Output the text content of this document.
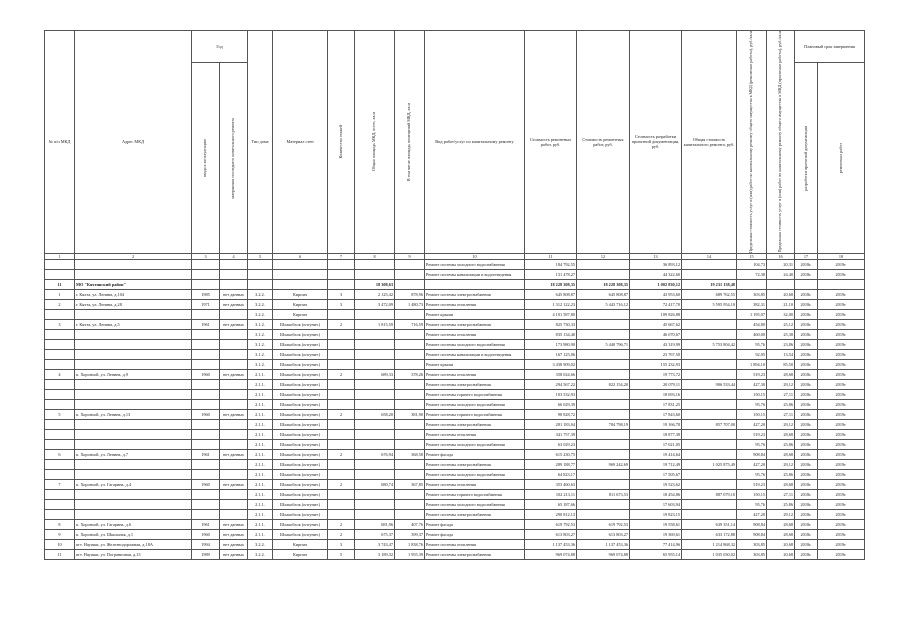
№ п/п МКД	Адрес МКД	Год		Тип дома	Материал стен	Количество этажей	Общая площадь МКД, всего, кв.м	В том числе площадь помещений МКД, кв.м	Вид работ/услуг по капитальному ремонту	Стоимость ремонтных работ, руб.	Стоимость ремонтных работ, руб.	Стоимость разработки проектной документации, руб.	Общая стоимость капитального ремонта, руб.	Предельная стоимость услуг и (или) работ по капитальному ремонту общего имущества в МКД (ремонтные работы), руб./кв.м	Предельная стоимость услуг и (или) работ по капитальному ремонту общего имущества в МКД (проектные работы), руб./кв.м	Плановый срок завершения	

		ввода в эксплуатацию	завершения последнего капитального ремонта													разработки проектной документации	ремонтных работ

1	2	3	4	5	6	7	8	9	10	11	12	13	14	15	16	17	18
									Ремонт системы холодного водоснабжения	184 792,55		36 893,12		104,73	20,31	2018г.	2019г.
									Ремонт системы канализации и водоотведения	131 478,27		44 322,60		72,38	24,40	2018г.	2019г.
11	МО "Кяхтинский район"						18 308,63			18 228 308,35	18 228 308,35	1 002 830,12	19 231 138,48				
1	г. Кяхта, ул. Ленина, д.104	1985	нет данных	3.2.2.	Кирпич	3	2 125,42	878,96	Ремонт системы электроснабжения	645 808,87	645 808,87	43 953,60	689 762,55	303,85	20,68	2018г.	2019г.
2	г. Кяхта, ул. Ленина, д.28	1971	нет данных	3.2.2.	Кирпич	3	3 472,09	1 480,73	Ремонт системы отопления	1 312 122,23	5 443 716,12	72 417,70	5 595 954,10	382,31	21,10	2018г.	2019г.
				3.2.2.	Кирпич				Ремонт крыши	4 101 587,80		109 826,88		1 195,07	32,00	2018г.	2019г.
3	г. Кяхта, ул. Ленина, д.5	1961	нет данных	3.1.2.	Шлакоблок (опгунит.)	2	1 815,59	716,59	Ремонт системы электроснабжения	825 730,33		45 667,62		454,80	25,12	2018г.	2019г.
				3.1.2.	Шлакоблок (опгунит.)				Ремонт системы отопления	835 134,40		46 070,67		460,00	25,38	2018г.	2019г.
				3.1.2.	Шлакоблок (опгунит.)				Ремонт системы холодного водоснабжения	173 980,90	5 440 796,71	43 319,99	5 753 804,42	95,76	23,86	2018г.	2019г.
				3.1.2.	Шлакоблок (опгунит.)				Ремонт системы канализации и водоотведения	167 125,06		23 767,50		92,05	13,54	2018г.	2019г.
				3.1.2.	Шлакоблок (опгунит.)				Ремонт крыши	3 438 909,02		155 232,93		1 894,10	85,50	2018г.	2019г.
4	п. Хоронхой, ул. Ленина, д.9	1960	нет данных	2.1.1.	Шлакоблок (опгунит.)	2	689,33	378,26	Ремонт системы отопления	358 024,66		19 773,72		519,23	28,68	2018г.	2019г.
				2.1.1.	Шлакоблок (опгунит.)				Ремонт системы электроснабжения	294 567,22	822 154,20	20 079,11	906 533,44	427,30	29,12	2018г.	2019г.
				2.1.1.	Шлакоблок (опгунит.)				Ремонт системы горячего водоснабжения	103 532,93		18 693,16		150,15	27,11	2018г.	2019г.
				2.1.1.	Шлакоблок (опгунит.)				Ремонт системы холодного водоснабжения	66 029,39		17 831,25		95,76	25,86	2018г.	2019г.
5	п. Хоронхой, ул. Ленина, д.13	1960	нет данных	2.1.1.	Шлакоблок (опгунит.)	2	658,20	381,90	Ремонт системы горячего водоснабжения	98 828,72		17 843,60		150,15	27,11	2018г.	2019г.
				2.1.1.	Шлакоблок (опгунит.)				Ремонт системы электроснабжения	281 183,04	784 798,19	19 166,78	857 707,00	427,20	29,12	2018г.	2019г.
				2.1.1.	Шлакоблок (опгунит.)				Ремонт системы отопления	341 757,39		18 877,38		519,23	28,68	2018г.	2019г.
				2.1.1.	Шлакоблок (опгунит.)				Ремонт системы холодного водоснабжения	63 029,23		17 021,05		95,76	25,86	2018г.	2019г.
6	п. Хоронхой, ул. Ленина, д.7	1961	нет данных	2.1.1.	Шлакоблок (опгунит.)	2	676,94	368,58	Ремонт фасада	615 230,75		19 414,64		908,84	28,68	2018г.	2019г.
				2.1.1.	Шлакоблок (опгунит.)				Ремонт системы электроснабжения	289 188,77	969 242,69	19 712,49	1 025 875,49	427,20	29,12	2018г.	2019г.
				2.1.1.	Шлакоблок (опгунит.)				Ремонт системы холодного водоснабжения	64 823,17		17 505,67		95,76	25,86	2018г.	2019г.
7	п. Хоронхой, ул. Гагарина, д.4	1960	нет данных	2.1.1.	Шлакоблок (опгунит.)	2	680,74	367,85	Ремонт системы отопления	353 460,63		19 523,62		519,23	28,68	2018г.	2019г.
				2.1.1.	Шлакоблок (опгунит.)				Ремонт системы горячего водоснабжения	102 213,11	811 673,53	18 454,86	887 079,10	150,15	27,11	2018г.	2019г.
				2.1.1.	Шлакоблок (опгунит.)				Ремонт системы холодного водоснабжения	65 187,66		17 603,94		95,76	25,86	2018г.	2019г.
				2.1.1.	Шлакоблок (опгунит.)				Ремонт системы электроснабжения	290 812,13		19 823,15		427,20	29,12	2018г.	2019г.
8	п. Хоронхой, ул. Гагарина, д.6	1961	нет данных	2.1.1.	Шлакоблок (опгунит.)	2	681,96	407,76	Ремонт фасада	619 792,53	619 792,53	19 558,61	639 351,14	908,84	28,68	2018г.	2019г.
9	п. Хоронхой, ул. Школьная, д.1	1960	нет данных	2.1.1.	Шлакоблок (опгунит.)	2	675,37	399,37	Ремонт фасада	613 803,27	613 803,27	19 369,61	633 172,88	908,84	28,68	2018г.	2019г.
10	пгт. Наушки, ул. Железнодорожная, д.18А	1994	нет данных	3.2.2.	Кирпич	3	3 743,47	1 838,76	Ремонт системы отопления	1 137 453,36	1 137 453,36	77 414,96	1 214 868,32	303,85	20,68	2018г.	2019г.
11	пгт. Наушки, ул. Пограничная, д.13	1989	нет данных	3.2.2.	Кирпич	5	3 189,32	1 955,39	Ремонт системы электроснабжения	969 074,88	969 074,88	65 955,14	1 035 030,02	303,85	20,68	2018г.	2019г.
